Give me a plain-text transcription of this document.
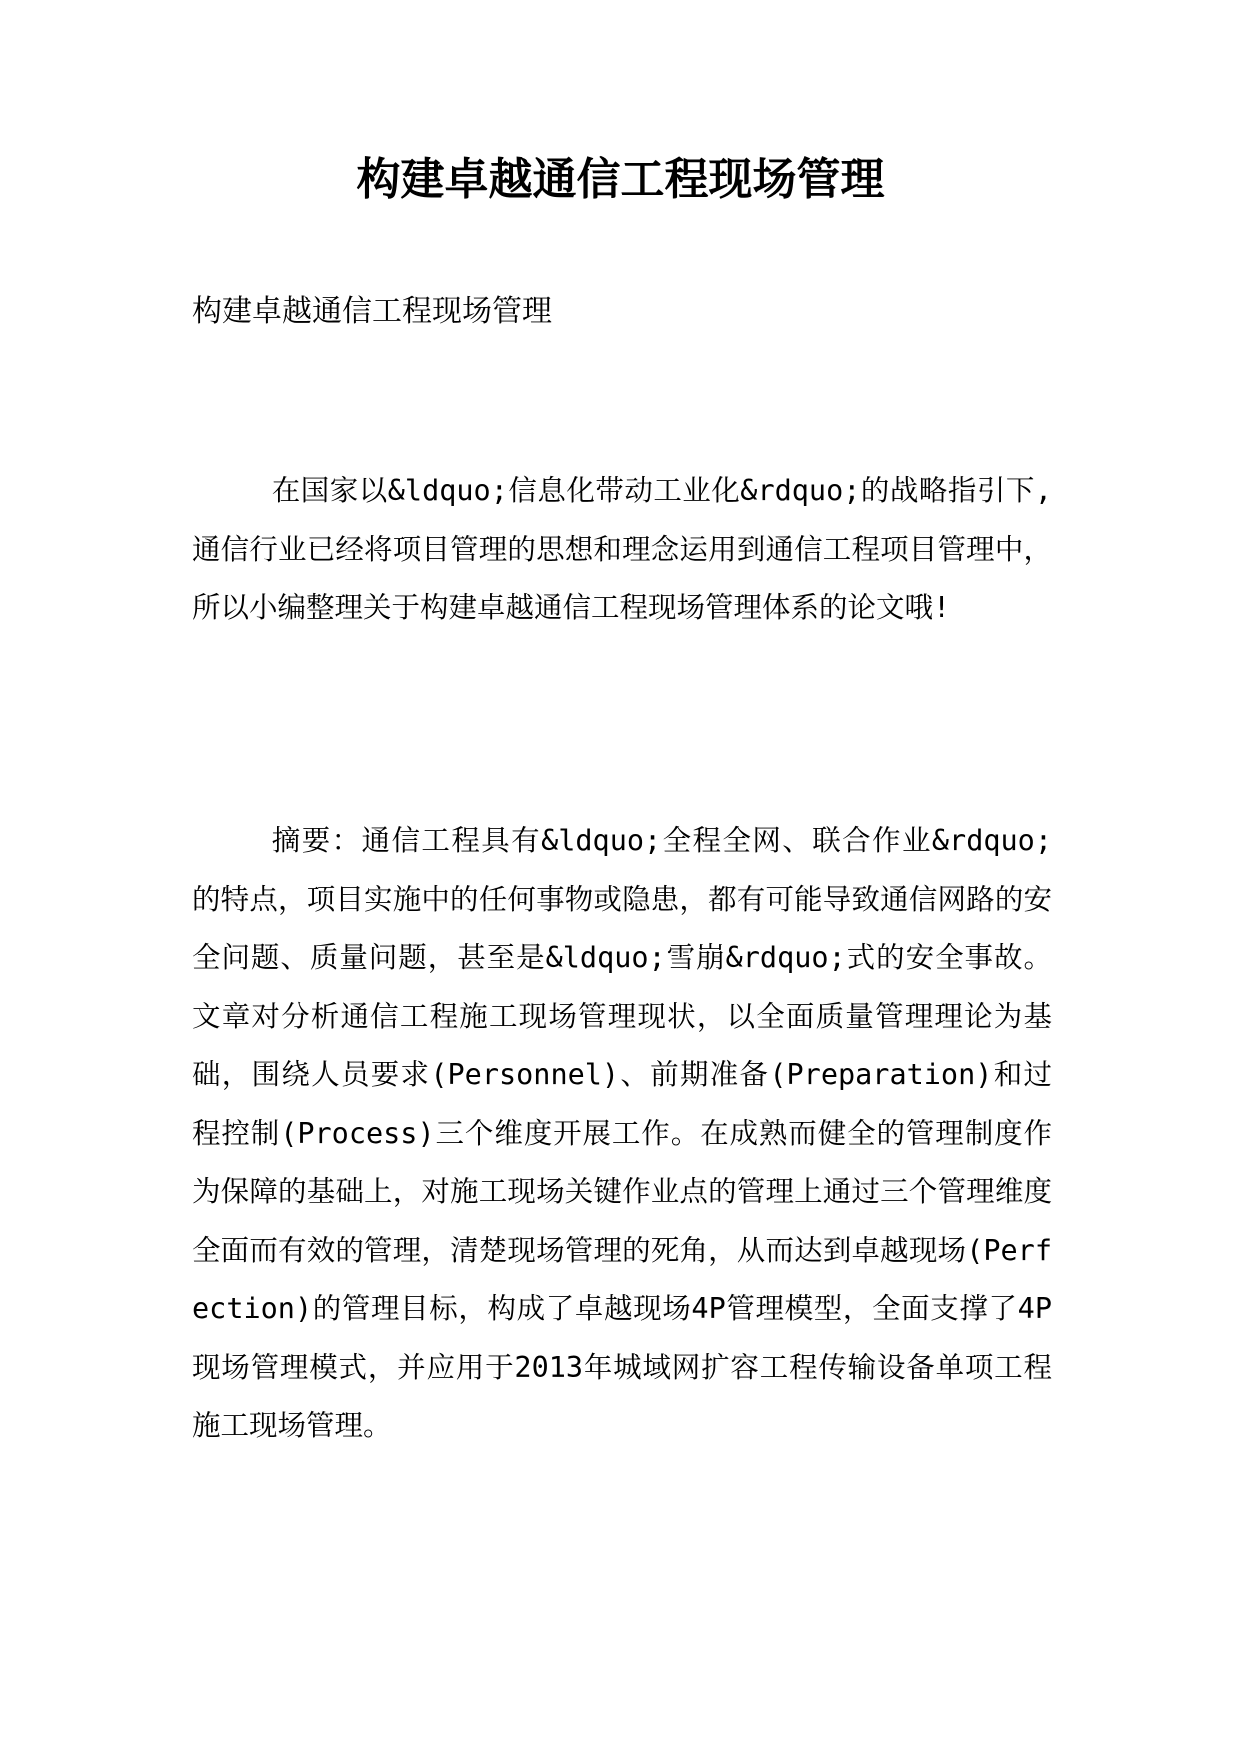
构建卓越通信工程现场管理

构建卓越通信工程现场管理

在国家以&ldquo;信息化带动工业化&rdquo;的战略指引下,通信行业已经将项目管理的思想和理念运用到通信工程项目管理中，所以小编整理关于构建卓越通信工程现场管理体系的论文哦!

摘要：通信工程具有&ldquo;全程全网、联合作业&rdquo;的特点，项目实施中的任何事物或隐患，都有可能导致通信网路的安全问题、质量问题，甚至是&ldquo;雪崩&rdquo;式的安全事故。文章对分析通信工程施工现场管理现状，以全面质量管理理论为基础，围绕人员要求(Personnel)、前期准备(Preparation)和过程控制(Process)三个维度开展工作。在成熟而健全的管理制度作为保障的基础上，对施工现场关键作业点的管理上通过三个管理维度全面而有效的管理，清楚现场管理的死角，从而达到卓越现场(Perfection)的管理目标，构成了卓越现场4P管理模型，全面支撑了4P现场管理模式，并应用于2013年城域网扩容工程传输设备单项工程施工现场管理。
